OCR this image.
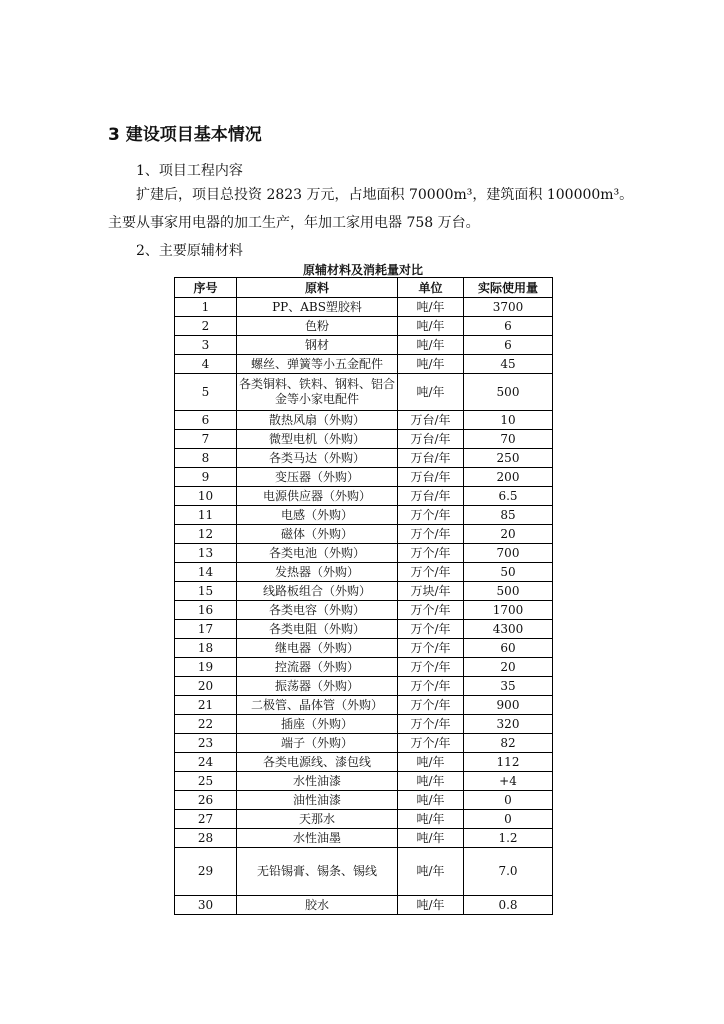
3 建设项目基本情况
1、项目工程内容
扩建后，项目总投资 2823 万元，占地面积 70000m³，建筑面积 100000m³。
主要从事家用电器的加工生产，年加工家用电器 758 万台。
2、主要原辅材料
原辅材料及消耗量对比
序号	原料	单位	实际使用量
1	PP、ABS塑胶料	吨/年	3700
2	色粉	吨/年	6
3	钢材	吨/年	6
4	螺丝、弹簧等小五金配件	吨/年	45
5	各类铜料、铁料、钢料、铝合金等小家电配件	吨/年	500
6	散热风扇（外购）	万台/年	10
7	微型电机（外购）	万台/年	70
8	各类马达（外购）	万台/年	250
9	变压器（外购）	万台/年	200
10	电源供应器（外购）	万台/年	6.5
11	电感（外购）	万个/年	85
12	磁体（外购）	万个/年	20
13	各类电池（外购）	万个/年	700
14	发热器（外购）	万个/年	50
15	线路板组合（外购）	万块/年	500
16	各类电容（外购）	万个/年	1700
17	各类电阻（外购）	万个/年	4300
18	继电器（外购）	万个/年	60
19	控流器（外购）	万个/年	20
20	振荡器（外购）	万个/年	35
21	二极管、晶体管（外购）	万个/年	900
22	插座（外购）	万个/年	320
23	端子（外购）	万个/年	82
24	各类电源线、漆包线	吨/年	112
25	水性油漆	吨/年	+4
26	油性油漆	吨/年	0
27	天那水	吨/年	0
28	水性油墨	吨/年	1.2
29	无铅锡膏、锡条、锡线	吨/年	7.0
30	胶水	吨/年	0.8
